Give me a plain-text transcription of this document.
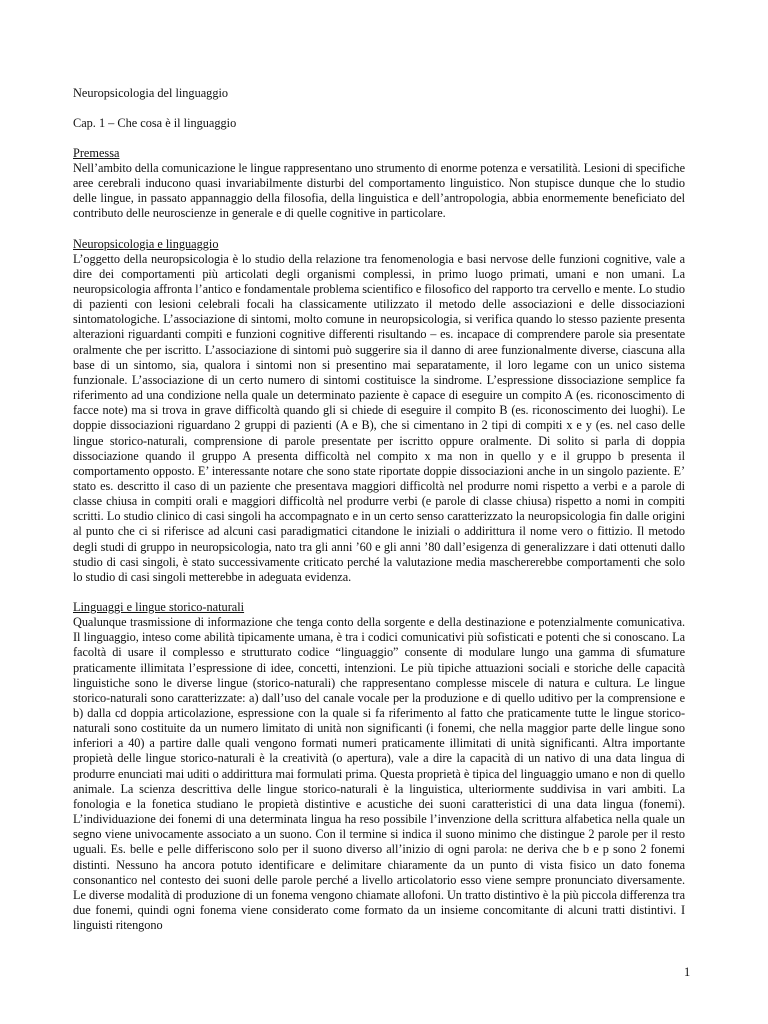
Neuropsicologia del linguaggio

Cap. 1 – Che cosa è il linguaggio

Premessa

Nell’ambito della comunicazione le lingue rappresentano uno strumento di enorme potenza e versatilità. Lesioni di specifiche aree cerebrali inducono quasi invariabilmente disturbi del comportamento linguistico. Non stupisce dunque che lo studio delle lingue, in passato appannaggio della filosofia, della linguistica e dell’antropologia, abbia enormemente beneficiato del contributo delle neuroscienze in generale e di quelle cognitive in particolare.

Neuropsicologia e linguaggio

L’oggetto della neuropsicologia è lo studio della relazione tra fenomenologia e basi nervose delle funzioni cognitive, vale a dire dei comportamenti più articolati degli organismi complessi, in primo luogo primati, umani e non umani. La neuropsicologia affronta l’antico e fondamentale problema scientifico e filosofico del rapporto tra cervello e mente. Lo studio di pazienti con lesioni celebrali focali ha classicamente utilizzato il metodo delle associazioni e delle dissociazioni sintomatologiche. L’associazione di sintomi, molto comune in neuropsicologia, si verifica quando lo stesso paziente presenta alterazioni riguardanti compiti e funzioni cognitive differenti risultando – es. incapace di comprendere parole sia presentate oralmente che per iscritto. L’associazione di sintomi può suggerire sia il danno di aree funzionalmente diverse, ciascuna alla base di un sintomo, sia, qualora i sintomi non si presentino mai separatamente, il loro legame con un unico sistema funzionale. L’associazione di un certo numero di sintomi costituisce la sindrome. L’espressione dissociazione semplice fa riferimento ad una condizione nella quale un determinato paziente è capace di eseguire un compito A (es. riconoscimento di facce note) ma si trova in grave difficoltà quando gli si chiede di eseguire il compito B (es. riconoscimento dei luoghi). Le doppie dissociazioni riguardano 2 gruppi di pazienti (A e B), che si cimentano in 2 tipi di compiti x e y (es. nel caso delle lingue storico-naturali, comprensione di parole presentate per iscritto oppure oralmente. Di solito si parla di doppia dissociazione quando il gruppo A presenta difficoltà nel compito x ma non in quello y e il gruppo b presenta il comportamento opposto. E’ interessante notare che sono state riportate doppie dissociazioni anche in un singolo paziente. E’ stato es. descritto il caso di un paziente che presentava maggiori difficoltà nel produrre nomi rispetto a verbi e a parole di classe chiusa in compiti orali e maggiori difficoltà nel produrre verbi (e parole di classe chiusa) rispetto a nomi in compiti scritti. Lo studio clinico di casi singoli ha accompagnato e in un certo senso caratterizzato la neuropsicologia fin dalle origini al punto che ci si riferisce ad alcuni casi paradigmatici citandone le iniziali o addirittura il nome vero o fittizio. Il metodo degli studi di gruppo in neuropsicologia, nato tra gli anni ’60 e gli anni ’80 dall’esigenza di generalizzare i dati ottenuti dallo studio di casi singoli, è stato successivamente criticato perché la valutazione media maschererebbe comportamenti che solo lo studio di casi singoli metterebbe in adeguata evidenza.

Linguaggi e lingue storico-naturali

Qualunque trasmissione di informazione che tenga conto della sorgente e della destinazione e potenzialmente comunicativa. Il linguaggio, inteso come abilità tipicamente umana, è tra i codici comunicativi più sofisticati e potenti che si conoscano. La facoltà di usare il complesso e strutturato codice “linguaggio” consente di modulare lungo una gamma di sfumature praticamente illimitata l’espressione di idee, concetti, intenzioni. Le più tipiche attuazioni sociali e storiche delle capacità linguistiche sono le diverse lingue (storico-naturali) che rappresentano complesse miscele di natura e cultura. Le lingue storico-naturali sono caratterizzate: a) dall’uso del canale vocale per la produzione e di quello uditivo per la comprensione e b) dalla cd doppia articolazione, espressione con la quale si fa riferimento al fatto che praticamente tutte le lingue storico-naturali sono costituite da un numero limitato di unità non significanti (i fonemi, che nella maggior parte delle lingue sono inferiori a 40) a partire dalle quali vengono formati numeri praticamente illimitati di unità significanti. Altra importante propietà delle lingue storico-naturali è la creatività (o apertura), vale a dire la capacità di un nativo di una data lingua di produrre enunciati mai uditi o addirittura mai formulati prima. Questa proprietà è tipica del linguaggio umano e non di quello animale. La scienza descrittiva delle lingue storico-naturali è la linguistica, ulteriormente suddivisa in vari ambiti. La fonologia e la fonetica studiano le propietà distintive e acustiche dei suoni caratteristici di una data lingua (fonemi). L’individuazione dei fonemi di una determinata lingua ha reso possibile l’invenzione della scrittura alfabetica nella quale un segno viene univocamente associato a un suono. Con il termine si indica il suono minimo che distingue 2 parole per il resto uguali. Es. belle e pelle differiscono solo per il suono diverso all’inizio di ogni parola: ne deriva che b e p sono 2 fonemi distinti. Nessuno ha ancora potuto identificare e delimitare chiaramente da un punto di vista fisico un dato fonema consonantico nel contesto dei suoni delle parole perché a livello articolatorio esso viene sempre pronunciato diversamente. Le diverse modalità di produzione di un fonema vengono chiamate allofoni. Un tratto distintivo è la più piccola differenza tra due fonemi, quindi ogni fonema viene considerato come formato da un insieme concomitante di alcuni tratti distintivi. I linguisti ritengono

1
